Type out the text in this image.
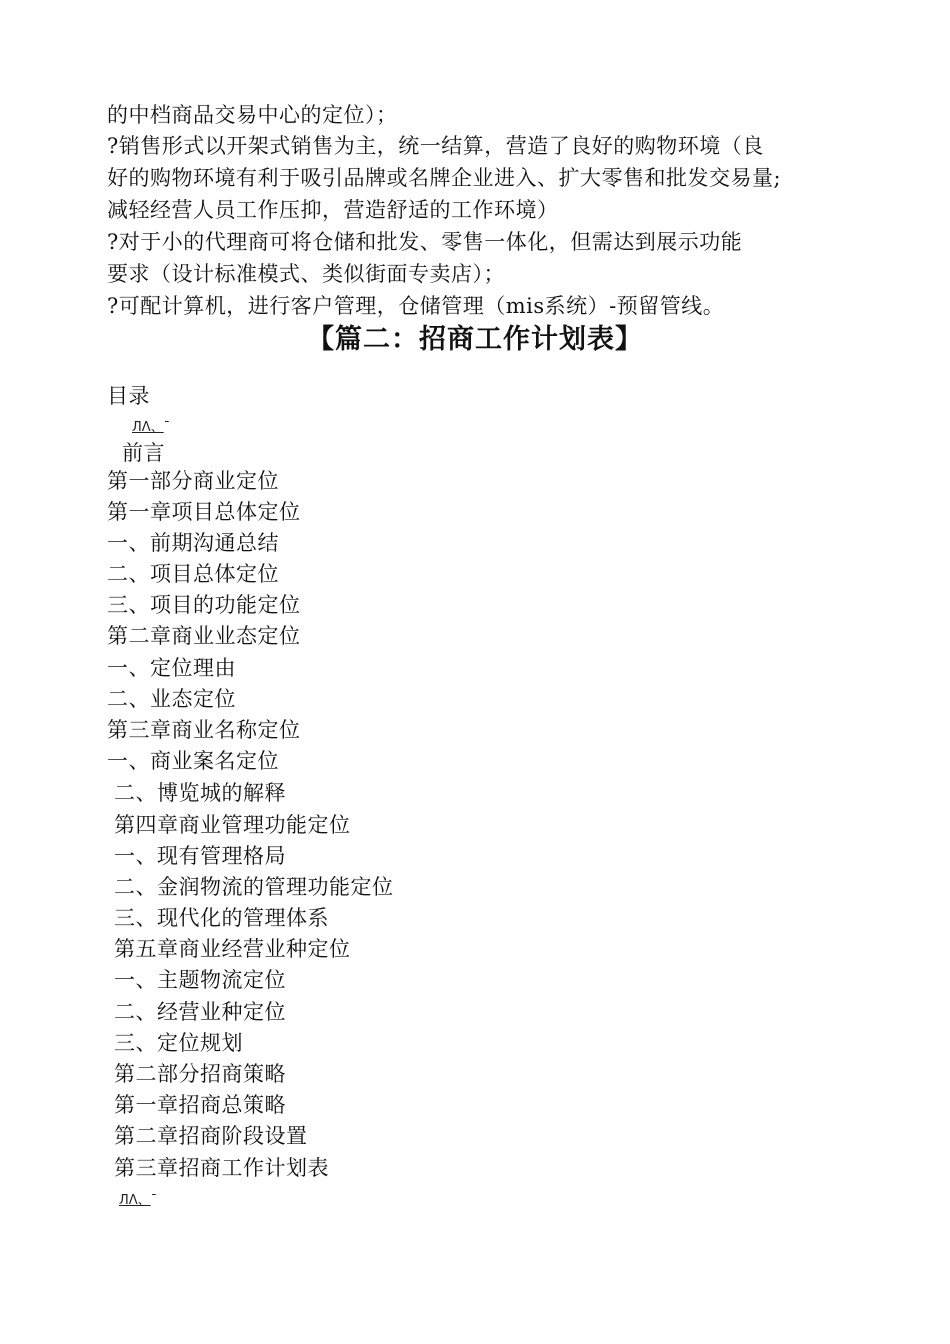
的中档商品交易中心的定位）；
?销售形式以开架式销售为主，统一结算，营造了良好的购物环境（良
好的购物环境有利于吸引品牌或名牌企业进入、扩大零售和批发交易量;
减轻经营人员工作压抑，营造舒适的工作环境）
?对于小的代理商可将仓储和批发、零售一体化，但需达到展示功能
要求（设计标准模式、类似街面专卖店）；
?可配计算机，进行客户管理，仓储管理（mis系统）-预留管线。
【篇二：招商工作计划表】
目录
ЛΛ、¯
前言
第一部分商业定位
第一章项目总体定位
一、前期沟通总结
二、项目总体定位
三、项目的功能定位
第二章商业业态定位
一、定位理由
二、业态定位
第三章商业名称定位
一、商业案名定位
二、博览城的解释
第四章商业管理功能定位
一、现有管理格局
二、金润物流的管理功能定位
三、现代化的管理体系
第五章商业经营业种定位
一、主题物流定位
二、经营业种定位
三、定位规划
第二部分招商策略
第一章招商总策略
第二章招商阶段设置
第三章招商工作计划表
ЛΛ、¯
